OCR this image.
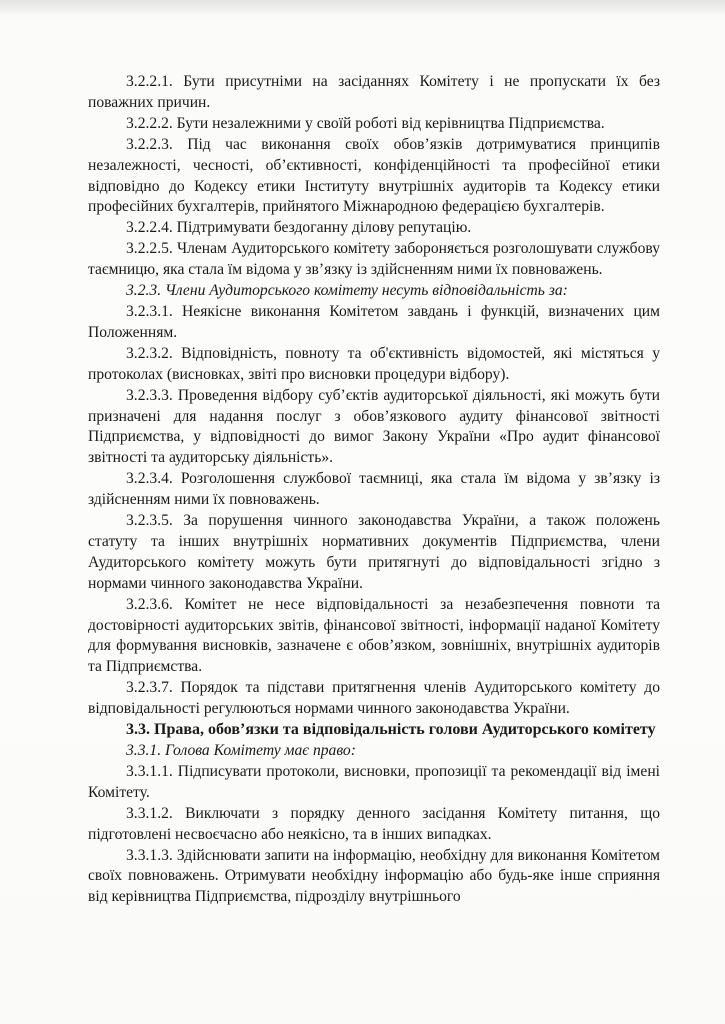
3.2.2.1. Бути присутніми на засіданнях Комітету і не пропускати їх без поважних причин.

3.2.2.2. Бути незалежними у своїй роботі від керівництва Підприємства.

3.2.2.3. Під час виконання своїх обов’язків дотримуватися принципів незалежності, чесності, об’єктивності, конфіденційності та професійної етики відповідно до Кодексу етики Інституту внутрішніх аудиторів та Кодексу етики професійних бухгалтерів, прийнятого Міжнародною федерацією бухгалтерів.

3.2.2.4. Підтримувати бездоганну ділову репутацію.

3.2.2.5. Членам Аудиторського комітету забороняється розголошувати службову таємницю, яка стала їм відома у зв’язку із здійсненням ними їх повноважень.

3.2.3. Члени Аудиторського комітету несуть відповідальність за:

3.2.3.1. Неякісне виконання Комітетом завдань і функцій, визначених цим Положенням.

3.2.3.2. Відповідність, повноту та об'єктивність відомостей, які містяться у протоколах (висновках, звіті про висновки процедури відбору).

3.2.3.3. Проведення відбору суб’єктів аудиторської діяльності, які можуть бути призначені для надання послуг з обов’язкового аудиту фінансової звітності Підприємства, у відповідності до вимог Закону України «Про аудит фінансової звітності та аудиторську діяльність».

3.2.3.4. Розголошення службової таємниці, яка стала їм відома у зв’язку із здійсненням ними їх повноважень.

3.2.3.5. За порушення чинного законодавства України, а також положень статуту та інших внутрішніх нормативних документів Підприємства, члени Аудиторського комітету можуть бути притягнуті до відповідальності згідно з нормами чинного законодавства України.

3.2.3.6. Комітет не несе відповідальності за незабезпечення повноти та достовірності аудиторських звітів, фінансової звітності, інформації наданої Комітету для формування висновків, зазначене є обов’язком, зовнішніх, внутрішніх аудиторів та Підприємства.

3.2.3.7. Порядок та підстави притягнення членів Аудиторського комітету до відповідальності регулюються нормами чинного законодавства України.

3.3. Права, обов’язки та відповідальність голови Аудиторського комітету

3.3.1. Голова Комітету має право:

3.3.1.1. Підписувати протоколи, висновки, пропозиції та рекомендації від імені Комітету.

3.3.1.2. Виключати з порядку денного засідання Комітету питання, що підготовлені несвоєчасно або неякісно, та в інших випадках.

3.3.1.3. Здійснювати запити на інформацію, необхідну для виконання Комітетом своїх повноважень. Отримувати необхідну інформацію або будь-яке інше сприяння від керівництва Підприємства, підрозділу внутрішнього
